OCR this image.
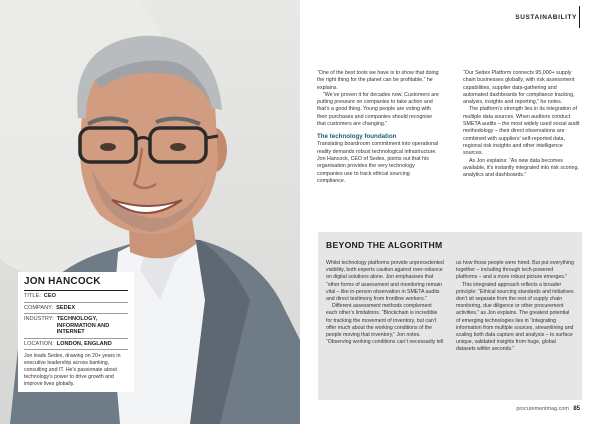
JON HANCOCK
TITLE: CEO
COMPANY: SEDEX
INDUSTRY: TECHNOLOGY, INFORMATION AND INTERNET
LOCATION: LONDON, ENGLAND
Jon leads Sedex, drawing on 20+ years in executive leadership across banking, consulting and IT. He's passionate about technology's power to drive growth and improve lives globally.
SUSTAINABILITY

“One of the best tools we have is to show that doing the right thing for the planet can be profitable,” he explains.

“We’ve proven it for decades now. Customers are putting pressure on companies to take action and that’s a good thing. Young people are voting with their purchases and companies should recognise that customers are changing.”

The technology foundation

Translating boardroom commitment into operational reality demands robust technological infrastructure. Jon Hancock, CEO of Sedex, points out that his organisation provides the very technology companies use to track ethical sourcing compliance.

“Our Sedex Platform connects 95,000+ supply chain businesses globally, with risk assessment capabilities, supplier data-gathering and automated dashboards for compliance tracking, analysis, insights and reporting,” he notes.

The platform’s strength lies in its integration of multiple data sources. When auditors conduct SMETA audits – the most widely used social audit methodology – their direct observations are combined with suppliers’ self-reported data, regional risk insights and other intelligence sources.

As Jon explains: “As new data becomes available, it’s instantly integrated into risk scoring, analytics and dashboards.”

BEYOND THE ALGORITHM

Whilst technology platforms provide unprecedented visibility, both experts caution against over-reliance on digital solutions alone. Jon emphasises that “other forms of assessment and monitoring remain vital – like in-person observation in SMETA audits and direct testimony from frontline workers.”

Different assessment methods complement each other’s limitations. “Blockchain is incredible for tracking the movement of inventory, but can’t offer much about the working conditions of the people moving that inventory,” Jon notes. “Observing working conditions can’t necessarily tell

us how those people were hired. But put everything together – including through tech-powered platforms – and a more robust picture emerges.”

This integrated approach reflects a broader principle: “Ethical sourcing standards and initiatives don’t sit separate from the rest of supply chain monitoring, due diligence or other procurement activities,” as Jon explains. The greatest potential of emerging technologies lies in “integrating information from multiple sources, streamlining and scaling both data capture and analysis – to surface unique, validated insights from huge, global datasets within seconds.”

procurementmag.com 85
